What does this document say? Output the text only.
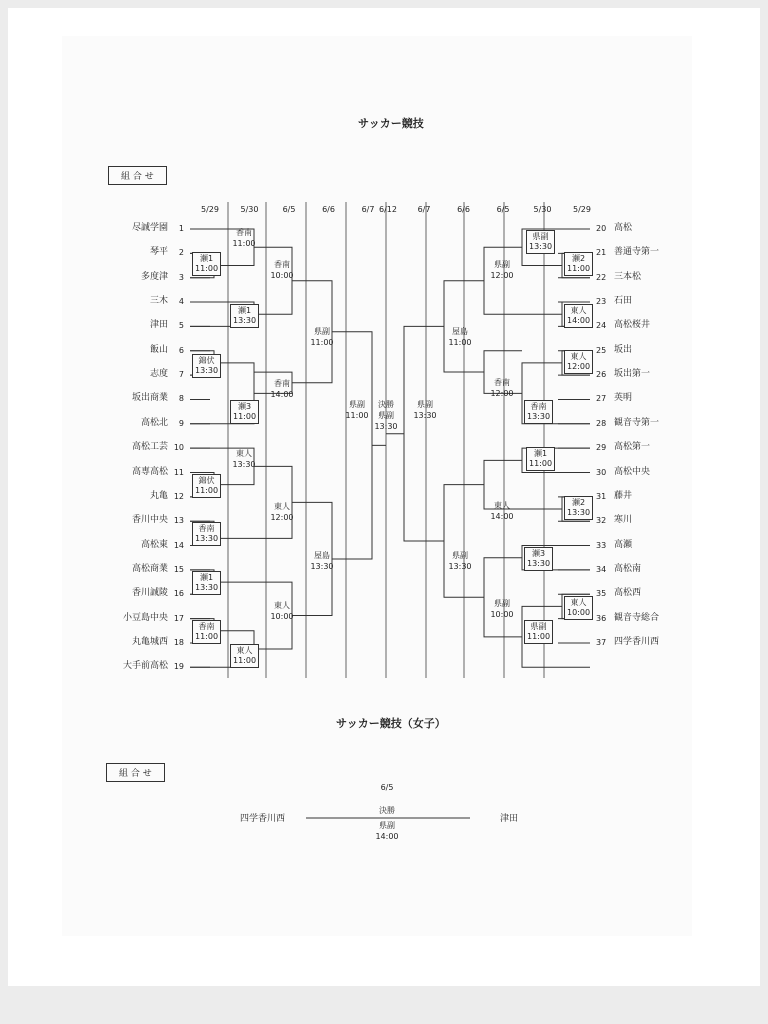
サッカー競技
組 合 せ
5/29	5/30	6/5	6/6	6/7 6/12	6/7	6/6	6/5	5/30	5/29
尽誠学園	1
琴平	2
多度津	3
三木	4
津田	5
飯山	6
志度	7
坂出商業	8
高松北	9
高松工芸 10
高専高松 11
丸亀 12
香川中央 13
高松東 14
高松商業 15
香川誠陵 16
小豆島中央 17
丸亀城西 18
大手前高松 19
20 高松
21 善通寺第一
22 三本松
23 石田
24 高松桜井
25 坂出
26 坂出第一
27 英明
28 観音寺第一
29 高松第一
30 高松中央
31 藤井
32 寒川
33 高瀬
34 高松南
35 高松西
36 観音寺総合
37 四学香川西
瀬1
11:00
錦伏
13:30
錦伏
11:00
香南
13:30
瀬1
13:30
香南
11:00
香南
11:00
瀬1
13:30
瀬3
11:00
東人
13:30
東人
11:00
香南
10:00
香南
14:00
東人
12:00
東人
10:00
県副
11:00
屋島
13:30
県副
11:00
瀬2
11:00
東人
14:00
東人
12:00
瀬2
13:30
東人
10:00
県副
13:30
香南
13:30
瀬1
11:00
瀬3
13:30
県副
11:00
県副
12:00
香南
12:00
東人
14:00
県副
10:00
屋島
11:00
県副
13:30
県副
13:30
決勝
県副
13:30
サッカー競技（女子）
組 合 せ
6/5
四学香川西	津田
決勝
県副
14:00
